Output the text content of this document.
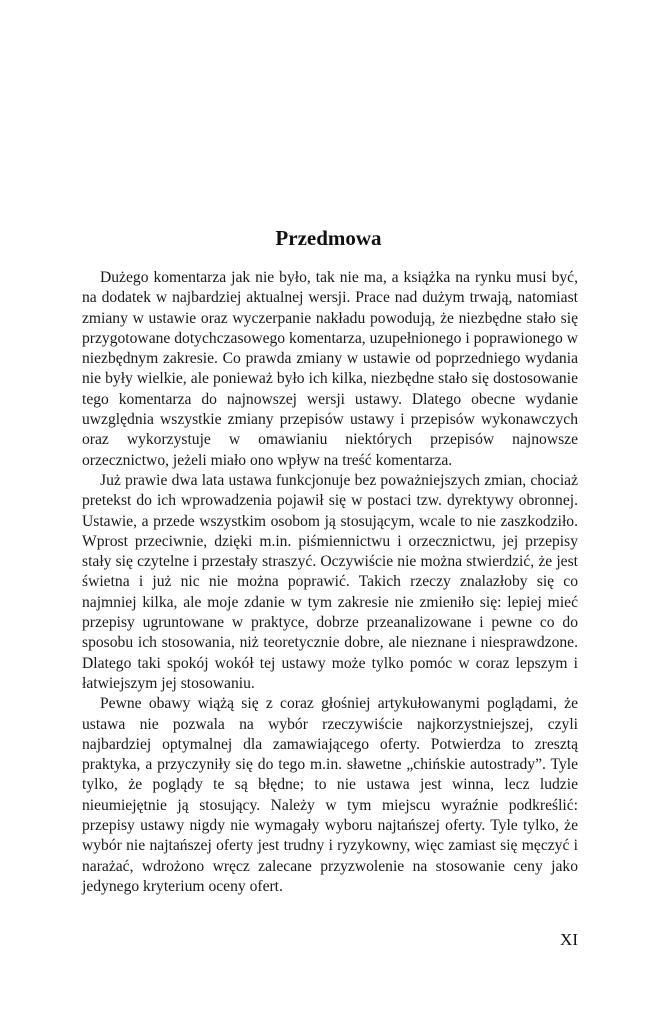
Przedmowa

Dużego komentarza jak nie było, tak nie ma, a książka na rynku musi być, na dodatek w najbardziej aktualnej wersji. Prace nad dużym trwają, natomiast zmiany w ustawie oraz wyczerpanie nakładu powodują, że niezbędne stało się przygotowane dotychczasowego komentarza, uzupełnionego i poprawionego w niezbędnym zakresie. Co prawda zmiany w ustawie od poprzedniego wydania nie były wielkie, ale ponieważ było ich kilka, niezbędne stało się dostosowanie tego komentarza do najnowszej wersji ustawy. Dlatego obecne wydanie uwzględnia wszystkie zmiany przepisów ustawy i przepisów wykonawczych oraz wykorzystuje w omawianiu niektórych przepisów najnowsze orzecznictwo, jeżeli miało ono wpływ na treść komentarza.

Już prawie dwa lata ustawa funkcjonuje bez poważniejszych zmian, chociaż pretekst do ich wprowadzenia pojawił się w postaci tzw. dyrektywy obronnej. Ustawie, a przede wszystkim osobom ją stosującym, wcale to nie zaszkodziło. Wprost przeciwnie, dzięki m.in. piśmiennictwu i orzecznictwu, jej przepisy stały się czytelne i przestały straszyć. Oczywiście nie można stwierdzić, że jest świetna i już nic nie można poprawić. Takich rzeczy znalazłoby się co najmniej kilka, ale moje zdanie w tym zakresie nie zmieniło się: lepiej mieć przepisy ugruntowane w praktyce, dobrze przeanalizowane i pewne co do sposobu ich stosowania, niż teoretycznie dobre, ale nieznane i niesprawdzone. Dlatego taki spokój wokół tej ustawy może tylko pomóc w coraz lepszym i łatwiejszym jej stosowaniu.

Pewne obawy wiążą się z coraz głośniej artykułowanymi poglądami, że ustawa nie pozwala na wybór rzeczywiście najkorzystniejszej, czyli najbardziej optymalnej dla zamawiającego oferty. Potwierdza to zresztą praktyka, a przyczyniły się do tego m.in. sławetne „chińskie autostrady”. Tyle tylko, że poglądy te są błędne; to nie ustawa jest winna, lecz ludzie nieumiejętnie ją stosujący. Należy w tym miejscu wyraźnie podkreślić: przepisy ustawy nigdy nie wymagały wyboru najtańszej oferty. Tyle tylko, że wybór nie najtańszej oferty jest trudny i ryzykowny, więc zamiast się męczyć i narażać, wdrożono wręcz zalecane przyzwolenie na stosowanie ceny jako jedynego kryterium oceny ofert.

XI
